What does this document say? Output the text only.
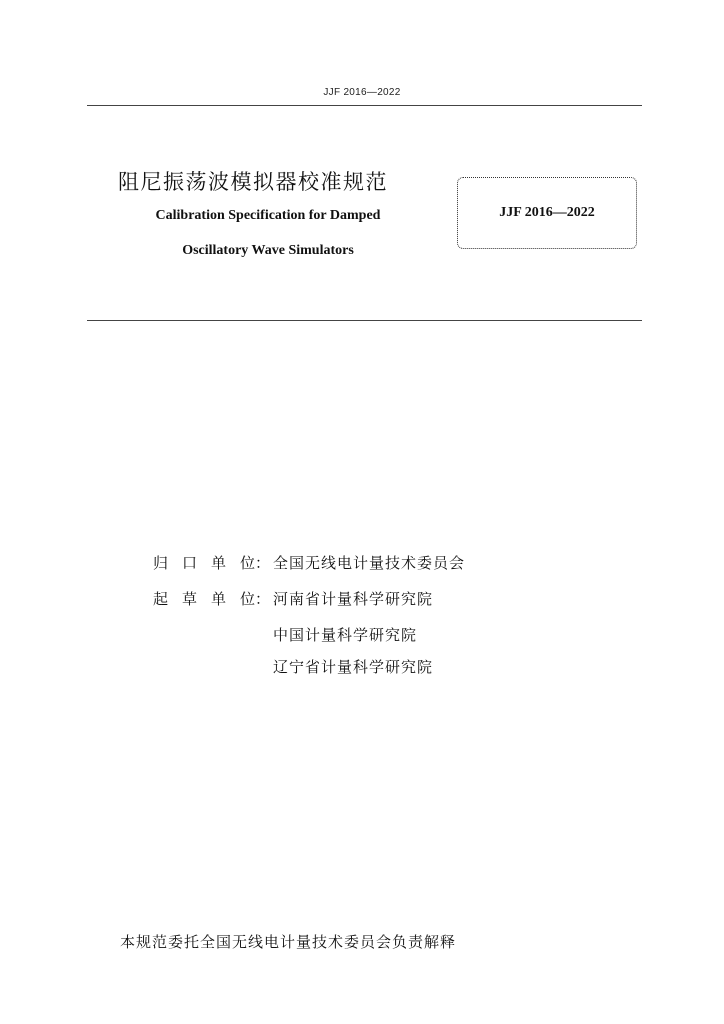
JJF 2016—2022
阻尼振荡波模拟器校准规范
Calibration Specification for Damped
Oscillatory Wave Simulators
JJF 2016—2022
归 口 单 位： 全国无线电计量技术委员会
起 草 单 位： 河南省计量科学研究院
中国计量科学研究院
辽宁省计量科学研究院
本规范委托全国无线电计量技术委员会负责解释
